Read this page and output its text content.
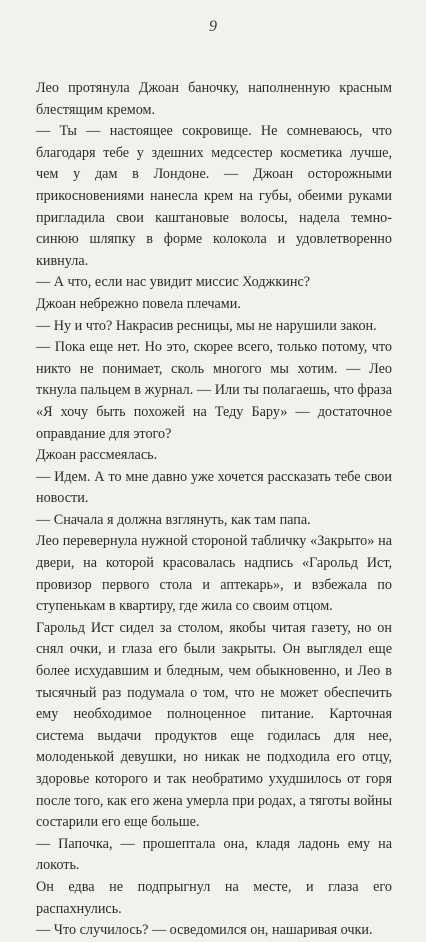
9

Лео протянула Джоан баночку, наполненную красным блестящим кремом.

— Ты — настоящее сокровище. Не сомневаюсь, что благодаря тебе у здешних медсестер косметика лучше, чем у дам в Лондоне. — Джоан осторожными прикосновениями нанесла крем на губы, обеими руками пригладила свои каштановые волосы, надела темно-синюю шляпку в форме колокола и удовлетворенно кивнула.

— А что, если нас увидит миссис Ходжкинс?

Джоан небрежно повела плечами.

— Ну и что? Накрасив ресницы, мы не нарушили закон.

— Пока еще нет. Но это, скорее всего, только потому, что никто не понимает, сколь многого мы хотим. — Лео ткнула пальцем в журнал. — Или ты полагаешь, что фраза «Я хочу быть похожей на Теду Бару» — достаточное оправдание для этого?

Джоан рассмеялась.

— Идем. А то мне давно уже хочется рассказать тебе свои новости.

— Сначала я должна взглянуть, как там папа.

Лео перевернула нужной стороной табличку «Закрыто» на двери, на которой красовалась надпись «Гарольд Ист, провизор первого стола и аптекарь», и взбежала по ступенькам в квартиру, где жила со своим отцом.

Гарольд Ист сидел за столом, якобы читая газету, но он снял очки, и глаза его были закрыты. Он выглядел еще более исхудавшим и бледным, чем обыкновенно, и Лео в тысячный раз подумала о том, что не может обеспечить ему необходимое полноценное питание. Карточная система выдачи продуктов еще годилась для нее, молоденькой девушки, но никак не подходила его отцу, здоровье которого и так необратимо ухудшилось от горя после того, как его жена умерла при родах, а тяготы войны состарили его еще больше.

— Папочка, — прошептала она, кладя ладонь ему на локоть.

Он едва не подпрыгнул на месте, и глаза его распахнулись.

— Что случилось? — осведомился он, нашаривая очки.
